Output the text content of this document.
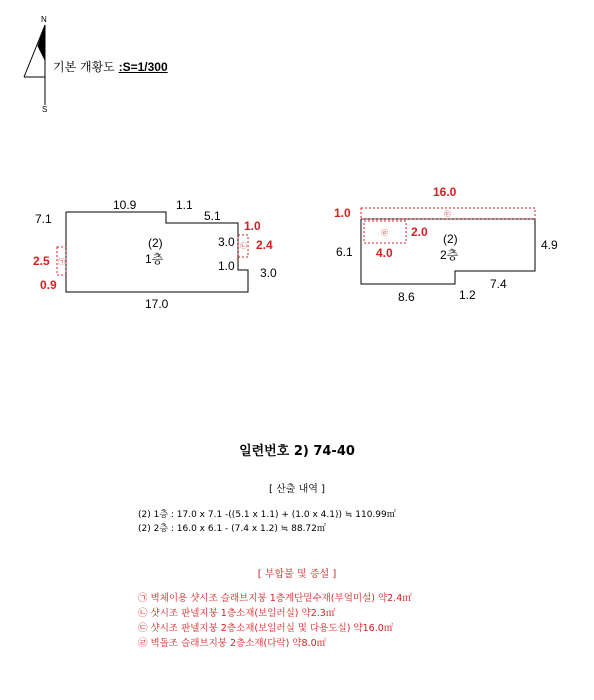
N
S
㉠
㉡
(2)
1층
7.1
10.9	1.1
5.1
3.0
1.0 3.0
17.0
2.5
0.9
1.0
2.4
㉢
㉣	(2)
2층
6.1	4.9
8.6	1.2
7.4
16.0
1.0
2.0
4.0
기본 개황도 :S=1/300
일련번호 2) 74-40
[ 산출 내역 ]
(2) 1층 : 17.0 x 7.1 -((5.1 x 1.1) + (1.0 x 4.1)) ≒ 110.99㎡
(2) 2층 : 16.0 x 6.1 - (7.4 x 1.2) ≒ 88.72㎡
[ 부합불 및 증설 ]
㉠ 벽체이용 샷시조 슬래브지붕 1층계단밑수재(부엌미설) 약2.4㎡
㉡ 샷시조 판넬지붕 1층소재(보일러실) 약2.3㎡
㉢ 샷시조 판넬지붕 2층소재(보일러실 및 다용도실) 약16.0㎡
㉣ 벽돌조 슬래브지붕 2층소재(다락) 약8.0㎡
